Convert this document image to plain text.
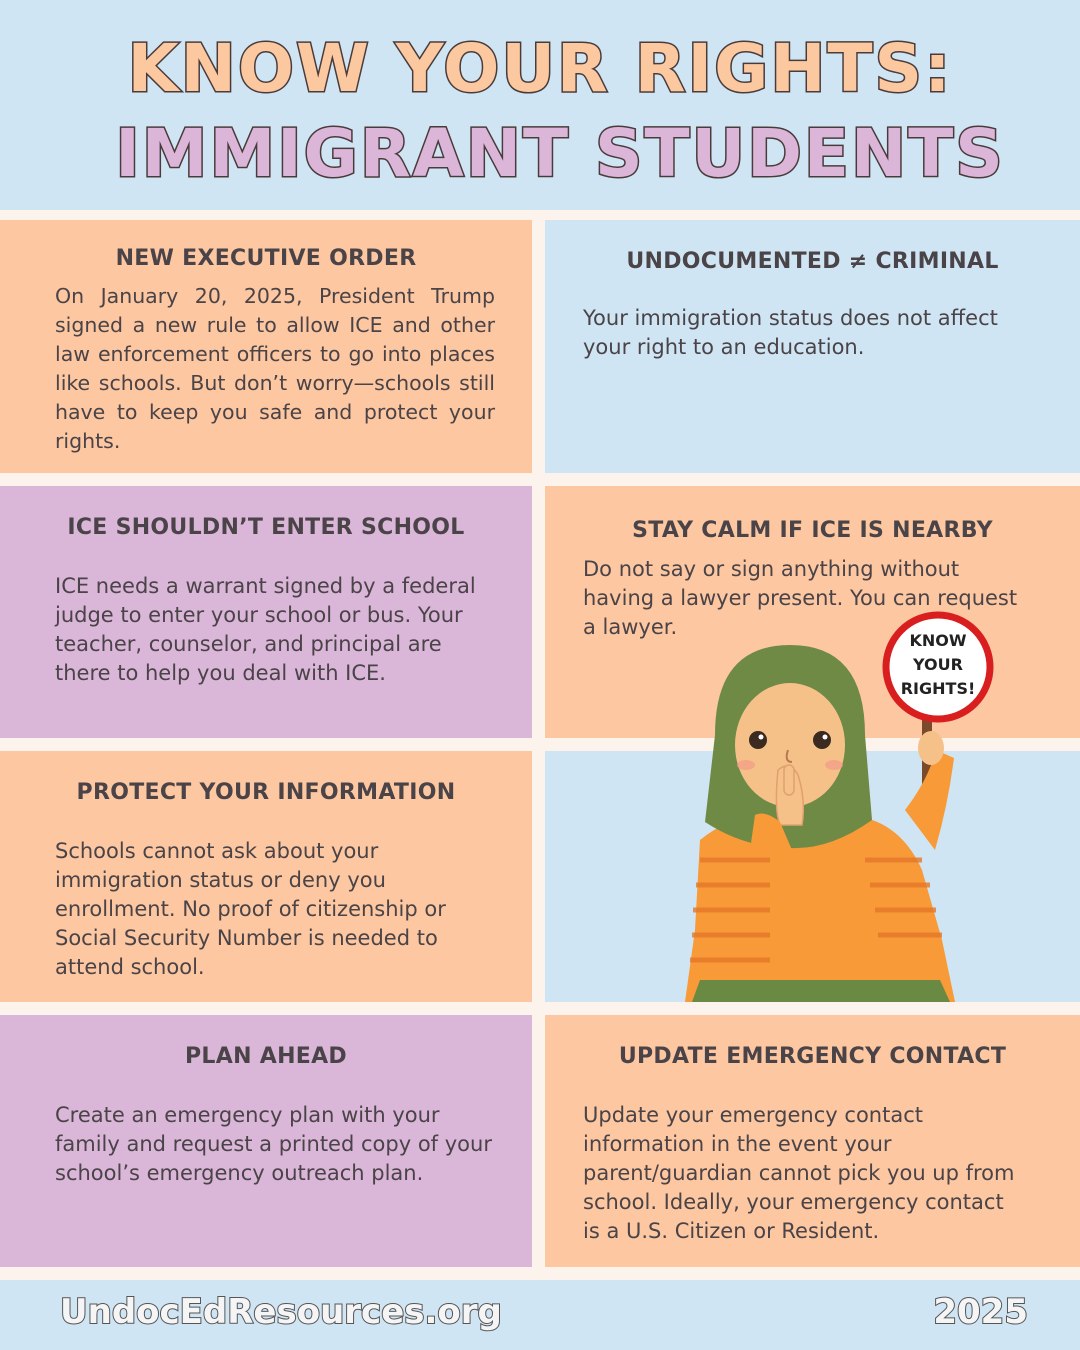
KNOW YOUR RIGHTS:
IMMIGRANT STUDENTS
NEW EXECUTIVE ORDER

On January 20, 2025, President Trump signed a new rule to allow ICE and other law enforcement officers to go into places like schools. But don’t worry—schools still have to keep you safe and protect your rights.

UNDOCUMENTED ≠ CRIMINAL

Your immigration status does not affect your right to an education.

ICE SHOULDN’T ENTER SCHOOL

ICE needs a warrant signed by a federal judge to enter your school or bus. Your teacher, counselor, and principal are there to help you deal with ICE.

STAY CALM IF ICE IS NEARBY

Do not say or sign anything without having a lawyer present. You can request a lawyer.

PROTECT YOUR INFORMATION

Schools cannot ask about your immigration status or deny you enrollment. No proof of citizenship or Social Security Number is needed to attend school.

PLAN AHEAD

Create an emergency plan with your family and request a printed copy of your school’s emergency outreach plan.

UPDATE EMERGENCY CONTACT

Update your emergency contact information in the event your parent/guardian cannot pick you up from school. Ideally, your emergency contact is a U.S. Citizen or Resident.

KNOW
YOUR
RIGHTS!
UndocEdResources.org	2025
